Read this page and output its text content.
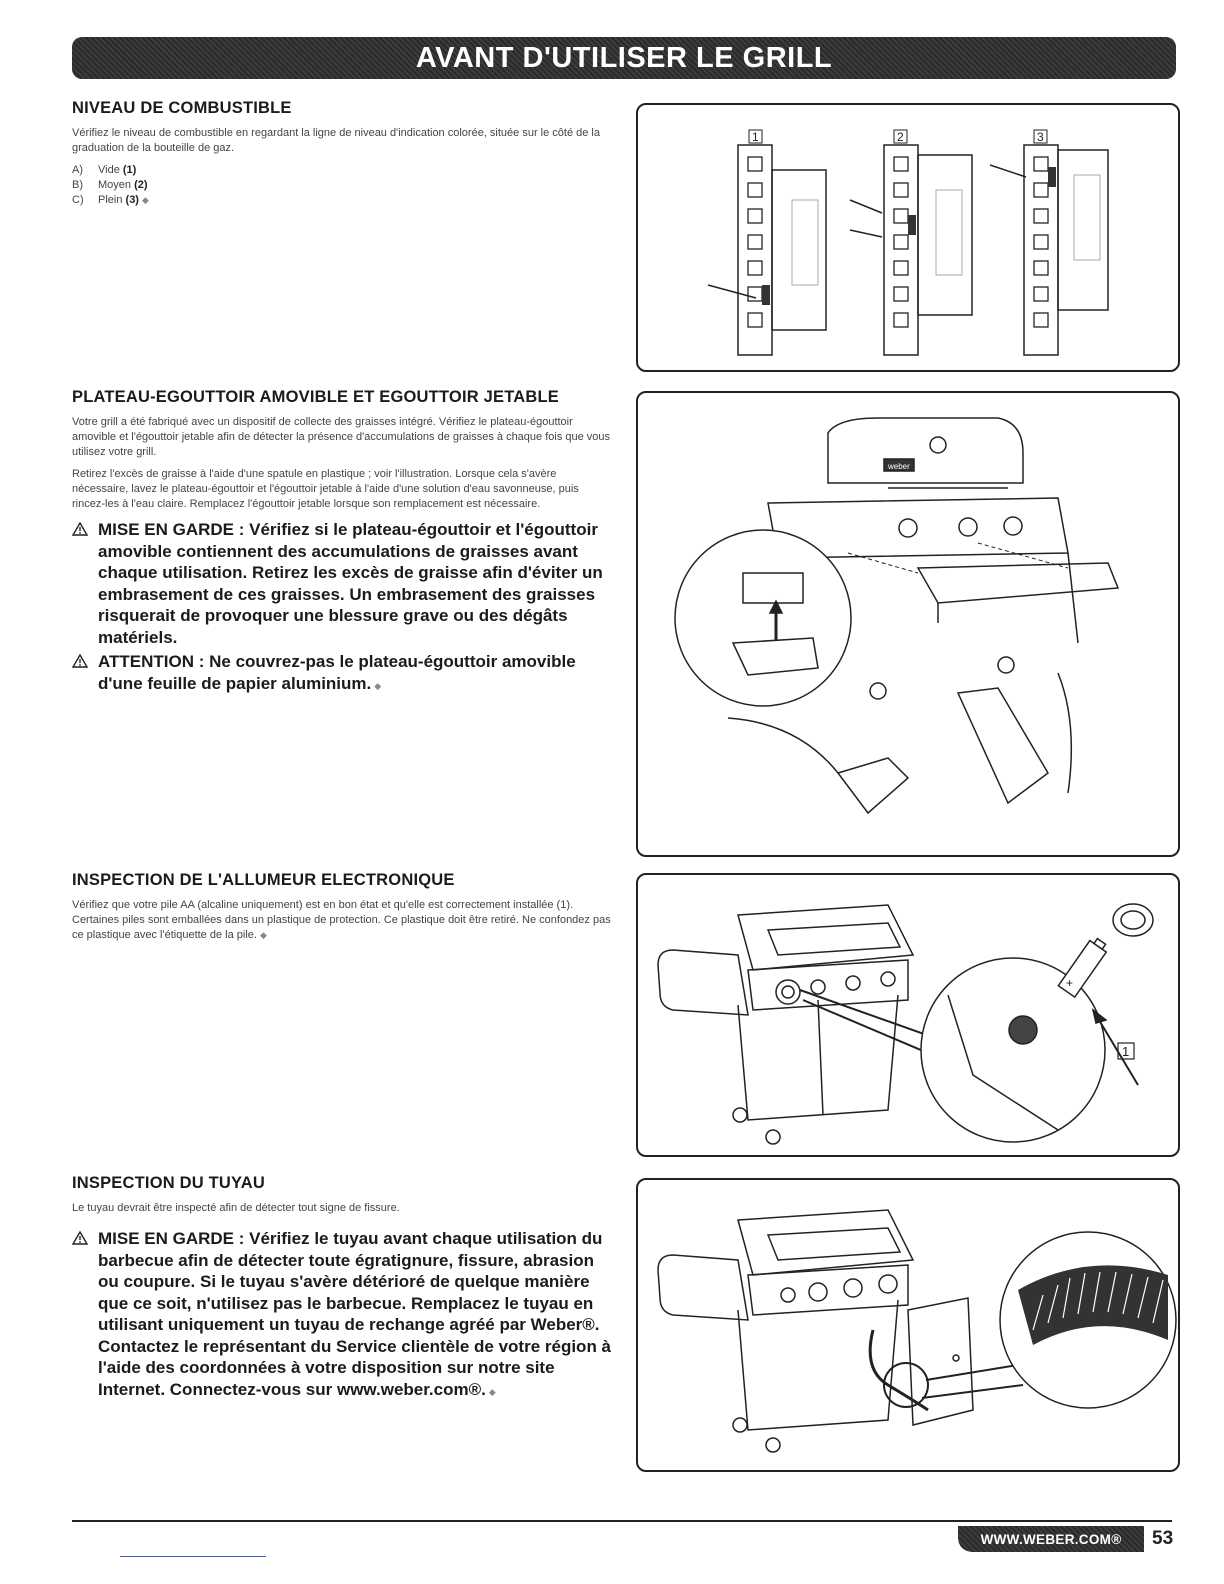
AVANT D'UTILISER LE GRILL
NIVEAU DE COMBUSTIBLE

Vérifiez le niveau de combustible en regardant la ligne de niveau d'indication colorée, située sur le côté de la graduation de la bouteille de gaz.

A)	Vide
(1)
B)	Moyen
(2)
C)	Plein
(3) ◆
1	2	3
PLATEAU-EGOUTTOIR AMOVIBLE ET EGOUTTOIR JETABLE

Votre grill a été fabriqué avec un dispositif de collecte des graisses intégré. Vérifiez le plateau-égouttoir amovible et l'égouttoir jetable afin de détecter la présence d'accumulations de graisses à chaque fois que vous utilisez votre grill.

Retirez l'excès de graisse à l'aide d'une spatule en plastique ; voir l'illustration. Lorsque cela s'avère nécessaire, lavez le plateau-égouttoir et l'égouttoir jetable à l'aide d'une solution d'eau savonneuse, puis rincez-les à l'eau claire. Remplacez l'égouttoir jetable lorsque son remplacement est nécessaire.

MISE EN GARDE : Vérifiez si le plateau-égouttoir et l'égouttoir amovible contiennent des accumulations de graisses avant chaque utilisation. Retirez les excès de graisse afin d'éviter un embrasement de ces graisses. Un embrasement des graisses risquerait de provoquer une blessure grave ou des dégâts matériels.
ATTENTION : Ne couvrez-pas le plateau-égouttoir amovible d'une feuille de papier aluminium. ◆
weber
INSPECTION DE L'ALLUMEUR ELECTRONIQUE

Vérifiez que votre pile AA (alcaline uniquement) est en bon état et qu'elle est correctement installée (1). Certaines piles sont emballées dans un plastique de protection. Ce plastique doit être retiré. Ne confondez pas ce plastique avec l'étiquette de la pile. ◆

+
1
INSPECTION DU TUYAU

Le tuyau devrait être inspecté afin de détecter tout signe de fissure.

MISE EN GARDE : Vérifiez le tuyau avant chaque utilisation du barbecue afin de détecter toute égratignure, fissure, abrasion ou coupure. Si le tuyau s'avère détérioré de quelque manière que ce soit, n'utilisez pas le barbecue. Remplacez le tuyau en utilisant uniquement un tuyau de rechange agréé par Weber®. Contactez le représentant du Service clientèle de votre région à l'aide des coordonnées à votre disposition sur notre site Internet. Connectez-vous sur www.weber.com®. ◆
WWW.WEBER.COM® 53
